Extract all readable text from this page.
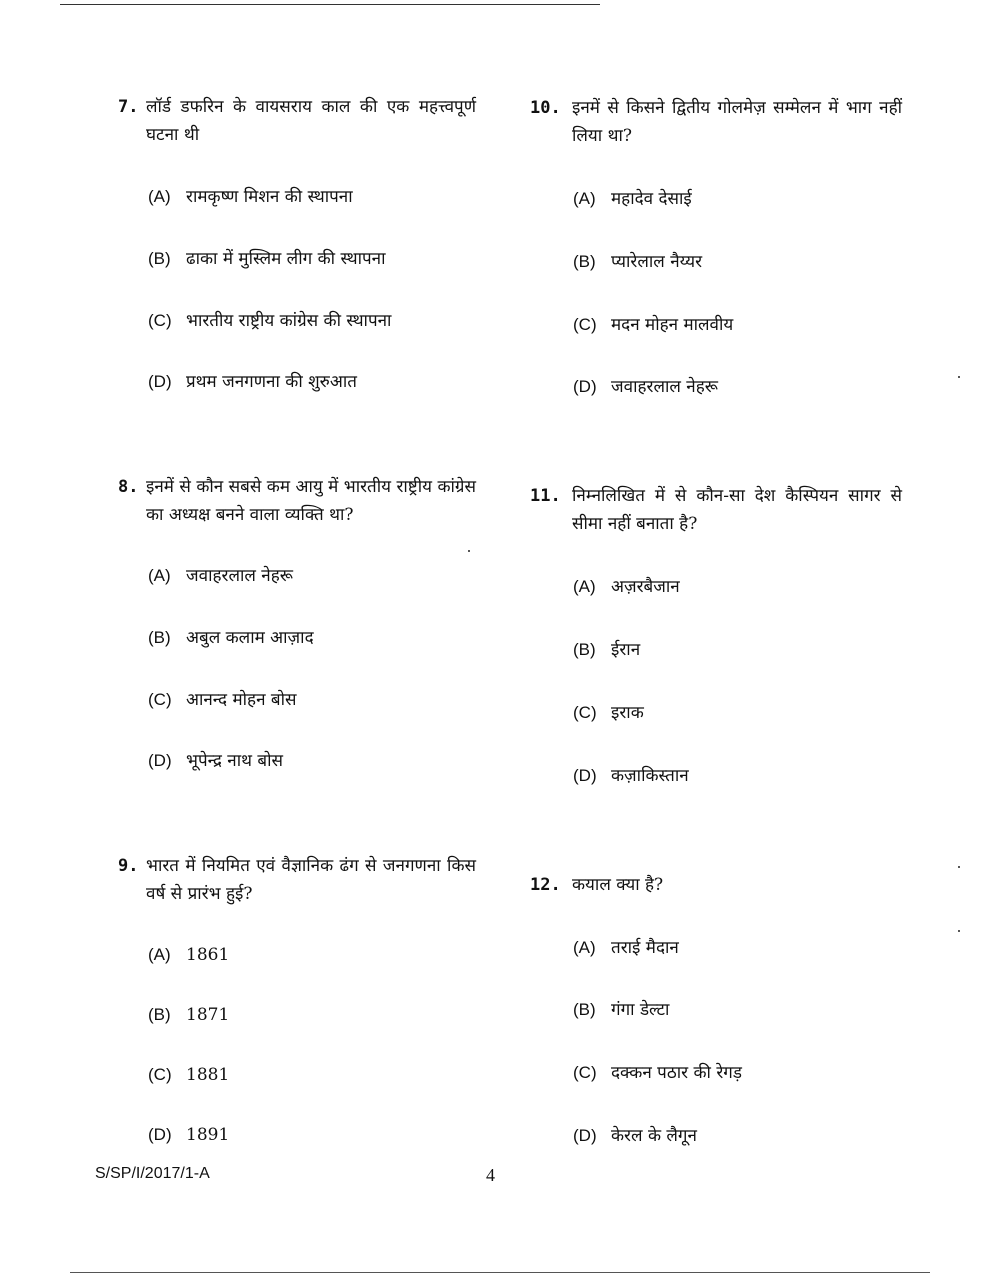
7. लॉर्ड डफरिन के वायसराय काल की एक महत्त्वपूर्ण घटना थी
(A) रामकृष्ण मिशन की स्थापना
(B) ढाका में मुस्लिम लीग की स्थापना
(C) भारतीय राष्ट्रीय कांग्रेस की स्थापना
(D) प्रथम जनगणना की शुरुआत
8. इनमें से कौन सबसे कम आयु में भारतीय राष्ट्रीय कांग्रेस का अध्यक्ष बनने वाला व्यक्ति था?
(A) जवाहरलाल नेहरू
(B) अबुल कलाम आज़ाद
(C) आनन्द मोहन बोस
(D) भूपेन्द्र नाथ बोस
9. भारत में नियमित एवं वैज्ञानिक ढंग से जनगणना किस वर्ष से प्रारंभ हुई?
(A) 1861
(B) 1871
(C) 1881
(D) 1891
10. इनमें से किसने द्वितीय गोलमेज़ सम्मेलन में भाग नहीं लिया था?
(A) महादेव देसाई
(B) प्यारेलाल नैय्यर
(C) मदन मोहन मालवीय
(D) जवाहरलाल नेहरू
11. निम्नलिखित में से कौन-सा देश कैस्पियन सागर से सीमा नहीं बनाता है?
(A) अज़रबैजान
(B) ईरान
(C) इराक
(D) कज़ाकिस्तान
12. कयाल क्या है?
(A) तराई मैदान
(B) गंगा डेल्टा
(C) दक्कन पठार की रेगड़
(D) केरल के लैगून
S/SP/I/2017/1-A	4
